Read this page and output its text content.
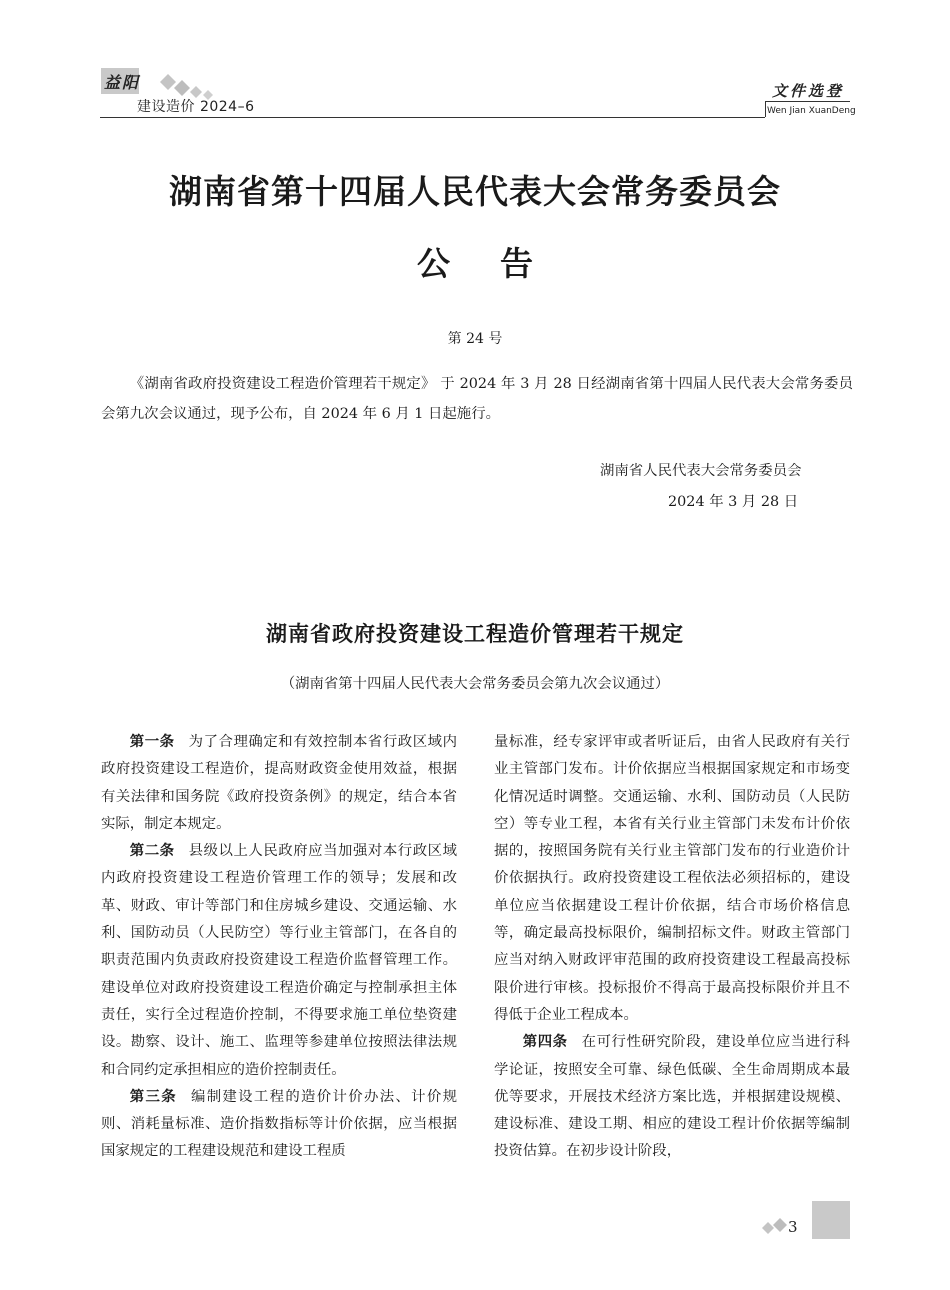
益阳
建设造价 2024–6
文件选登
Wen Jian XuanDeng
湖南省第十四届人民代表大会常务委员会
公告
第 24 号
《湖南省政府投资建设工程造价管理若干规定》 于 2024 年 3 月 28 日经湖南省第十四届人民代表大会常务委员会第九次会议通过，现予公布，自 2024 年 6 月 1 日起施行。
湖南省人民代表大会常务委员会
2024 年 3 月 28 日
湖南省政府投资建设工程造价管理若干规定
（湖南省第十四届人民代表大会常务委员会第九次会议通过）

第一条 为了合理确定和有效控制本省行政区域内政府投资建设工程造价，提高财政资金使用效益，根据有关法律和国务院《政府投资条例》的规定，结合本省实际，制定本规定。

第二条 县级以上人民政府应当加强对本行政区域内政府投资建设工程造价管理工作的领导；发展和改革、财政、审计等部门和住房城乡建设、交通运输、水利、国防动员（人民防空）等行业主管部门，在各自的职责范围内负责政府投资建设工程造价监督管理工作。建设单位对政府投资建设工程造价确定与控制承担主体责任，实行全过程造价控制，不得要求施工单位垫资建设。勘察、设计、施工、监理等参建单位按照法律法规和合同约定承担相应的造价控制责任。

第三条 编制建设工程的造价计价办法、计价规则、消耗量标准、造价指数指标等计价依据，应当根据国家规定的工程建设规范和建设工程质

量标准，经专家评审或者听证后，由省人民政府有关行业主管部门发布。计价依据应当根据国家规定和市场变化情况适时调整。交通运输、水利、国防动员（人民防空）等专业工程，本省有关行业主管部门未发布计价依据的，按照国务院有关行业主管部门发布的行业造价计价依据执行。政府投资建设工程依法必须招标的，建设单位应当依据建设工程计价依据，结合市场价格信息等，确定最高投标限价，编制招标文件。财政主管部门应当对纳入财政评审范围的政府投资建设工程最高投标限价进行审核。投标报价不得高于最高投标限价并且不得低于企业工程成本。

第四条 在可行性研究阶段，建设单位应当进行科学论证，按照安全可靠、绿色低碳、全生命周期成本最优等要求，开展技术经济方案比选，并根据建设规模、建设标准、建设工期、相应的建设工程计价依据等编制投资估算。在初步设计阶段，

3
